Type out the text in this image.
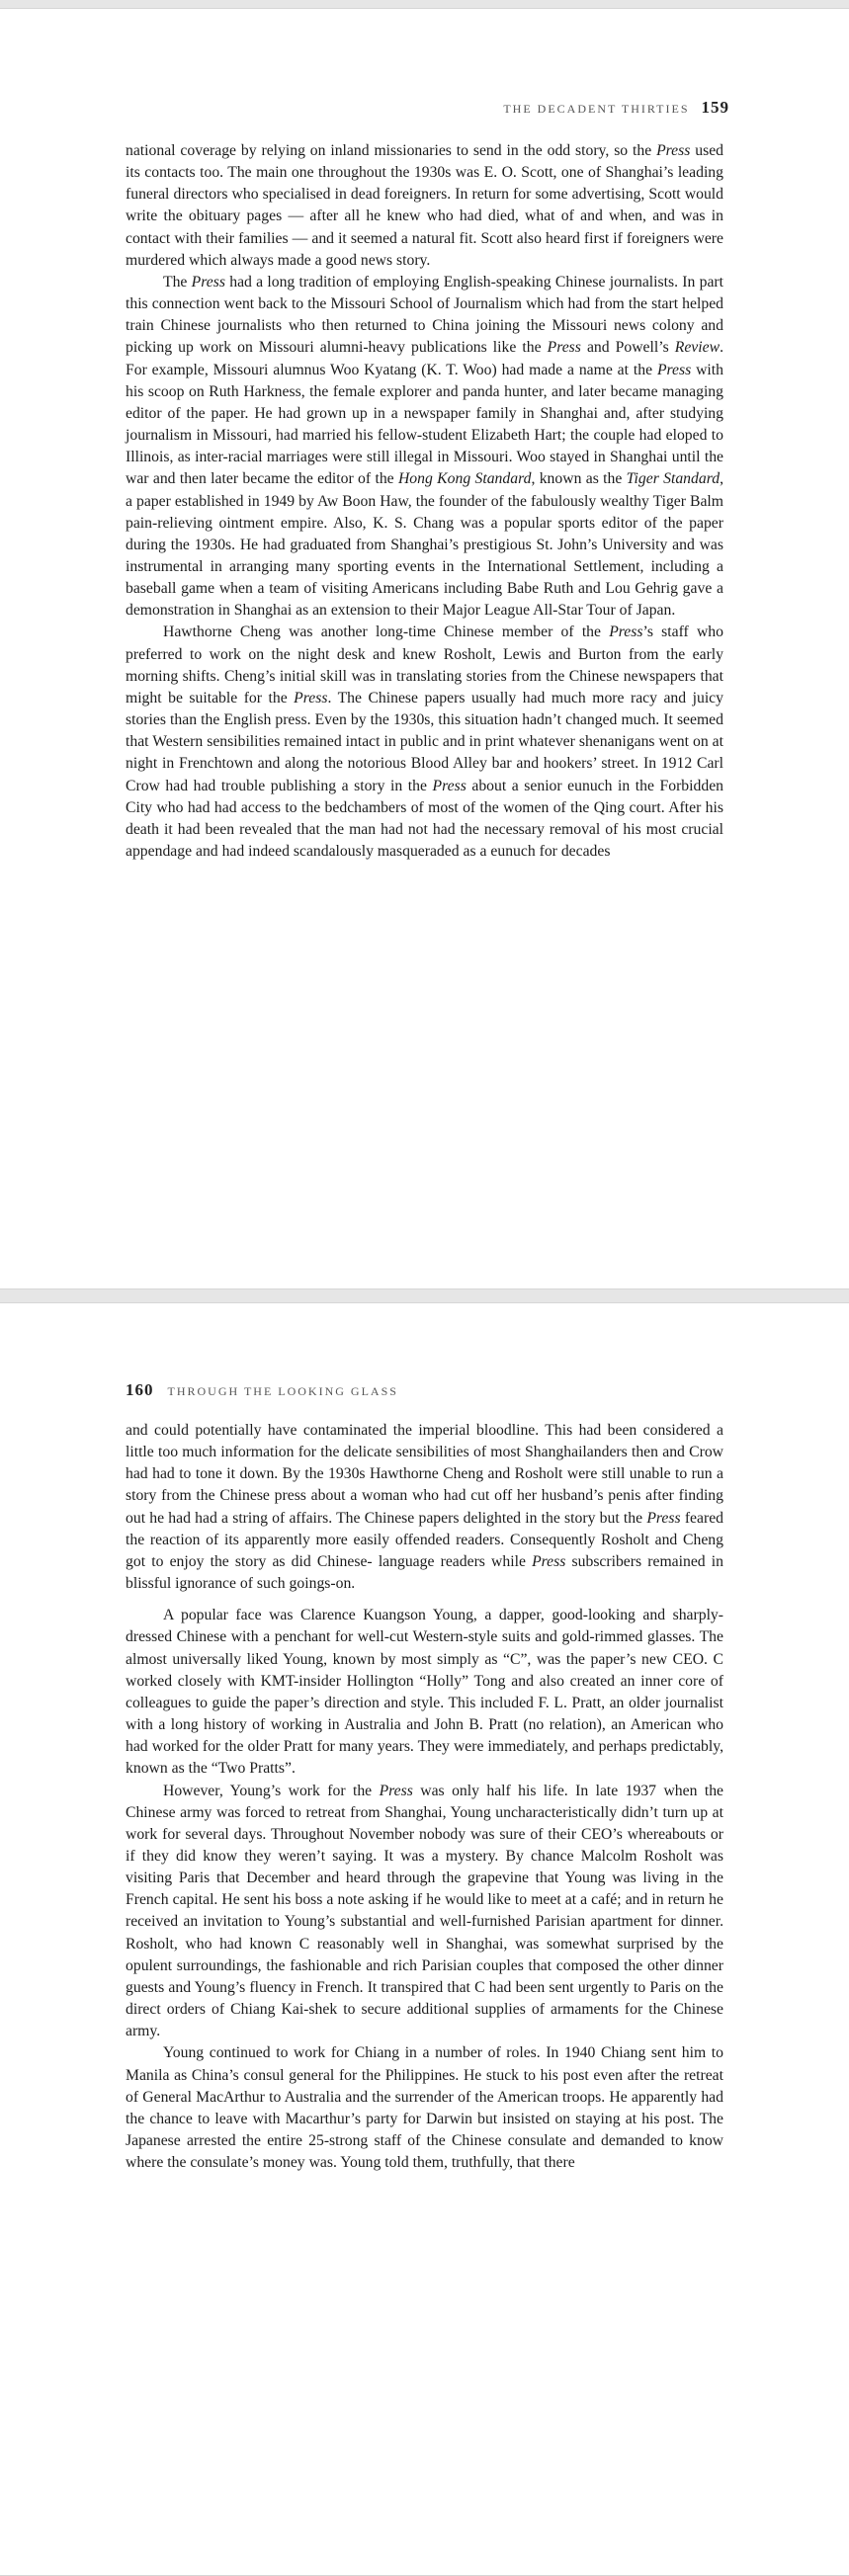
THE DECADENT THIRTIES 159

national coverage by relying on inland missionaries to send in the odd story, so the Press used its contacts too. The main one throughout the 1930s was E. O. Scott, one of Shanghai’s leading funeral directors who specialised in dead foreigners. In return for some advertising, Scott would write the obituary pages — after all he knew who had died, what of and when, and was in contact with their families — and it seemed a natural fit. Scott also heard first if foreigners were murdered which always made a good news story.

The Press had a long tradition of employing English-speaking Chinese journalists. In part this connection went back to the Missouri School of Journalism which had from the start helped train Chinese journalists who then returned to China joining the Missouri news colony and picking up work on Missouri alumni-heavy publications like the Press and Powell’s Review. For example, Missouri alumnus Woo Kyatang (K. T. Woo) had made a name at the Press with his scoop on Ruth Harkness, the female explorer and panda hunter, and later became managing editor of the paper. He had grown up in a newspaper family in Shanghai and, after studying journalism in Missouri, had married his fellow-student Elizabeth Hart; the couple had eloped to Illinois, as inter-racial marriages were still illegal in Missouri. Woo stayed in Shanghai until the war and then later became the editor of the Hong Kong Standard, known as the Tiger Standard, a paper established in 1949 by Aw Boon Haw, the founder of the fabulously wealthy Tiger Balm pain-relieving ointment empire. Also, K. S. Chang was a popular sports editor of the paper during the 1930s. He had graduated from Shanghai’s prestigious St. John’s University and was instrumental in arranging many sporting events in the International Settlement, including a baseball game when a team of visiting Americans including Babe Ruth and Lou Gehrig gave a demonstration in Shanghai as an extension to their Major League All-Star Tour of Japan.

Hawthorne Cheng was another long-time Chinese member of the Press’s staff who preferred to work on the night desk and knew Rosholt, Lewis and Burton from the early morning shifts. Cheng’s initial skill was in translating stories from the Chinese newspapers that might be suitable for the Press. The Chinese papers usually had much more racy and juicy stories than the English press. Even by the 1930s, this situation hadn’t changed much. It seemed that Western sensibilities remained intact in public and in print whatever shenanigans went on at night in Frenchtown and along the notorious Blood Alley bar and hookers’ street. In 1912 Carl Crow had had trouble publishing a story in the Press about a senior eunuch in the Forbidden City who had had access to the bedchambers of most of the women of the Qing court. After his death it had been revealed that the man had not had the necessary removal of his most crucial appendage and had indeed scandalously masqueraded as a eunuch for decades

160 THROUGH THE LOOKING GLASS

and could potentially have contaminated the imperial bloodline. This had been considered a little too much information for the delicate sensibilities of most Shanghailanders then and Crow had had to tone it down. By the 1930s Hawthorne Cheng and Rosholt were still unable to run a story from the Chinese press about a woman who had cut off her husband’s penis after finding out he had had a string of affairs. The Chinese papers delighted in the story but the Press feared the reaction of its apparently more easily offended readers. Consequently Rosholt and Cheng got to enjoy the story as did Chinese- language readers while Press subscribers remained in blissful ignorance of such goings-on.

A popular face was Clarence Kuangson Young, a dapper, good-looking and sharply-dressed Chinese with a penchant for well-cut Western-style suits and gold-rimmed glasses. The almost universally liked Young, known by most simply as “C”, was the paper’s new CEO. C worked closely with KMT-insider Hollington “Holly” Tong and also created an inner core of colleagues to guide the paper’s direction and style. This included F. L. Pratt, an older journalist with a long history of working in Australia and John B. Pratt (no relation), an American who had worked for the older Pratt for many years. They were immediately, and perhaps predictably, known as the “Two Pratts”.

However, Young’s work for the Press was only half his life. In late 1937 when the Chinese army was forced to retreat from Shanghai, Young uncharacteristically didn’t turn up at work for several days. Throughout November nobody was sure of their CEO’s whereabouts or if they did know they weren’t saying. It was a mystery. By chance Malcolm Rosholt was visiting Paris that December and heard through the grapevine that Young was living in the French capital. He sent his boss a note asking if he would like to meet at a café; and in return he received an invitation to Young’s substantial and well-furnished Parisian apartment for dinner. Rosholt, who had known C reasonably well in Shanghai, was somewhat surprised by the opulent surroundings, the fashionable and rich Parisian couples that composed the other dinner guests and Young’s fluency in French. It transpired that C had been sent urgently to Paris on the direct orders of Chiang Kai-shek to secure additional supplies of armaments for the Chinese army.

Young continued to work for Chiang in a number of roles. In 1940 Chiang sent him to Manila as China’s consul general for the Philippines. He stuck to his post even after the retreat of General MacArthur to Australia and the surrender of the American troops. He apparently had the chance to leave with Macarthur’s party for Darwin but insisted on staying at his post. The Japanese arrested the entire 25-strong staff of the Chinese consulate and demanded to know where the consulate’s money was. Young told them, truthfully, that there
